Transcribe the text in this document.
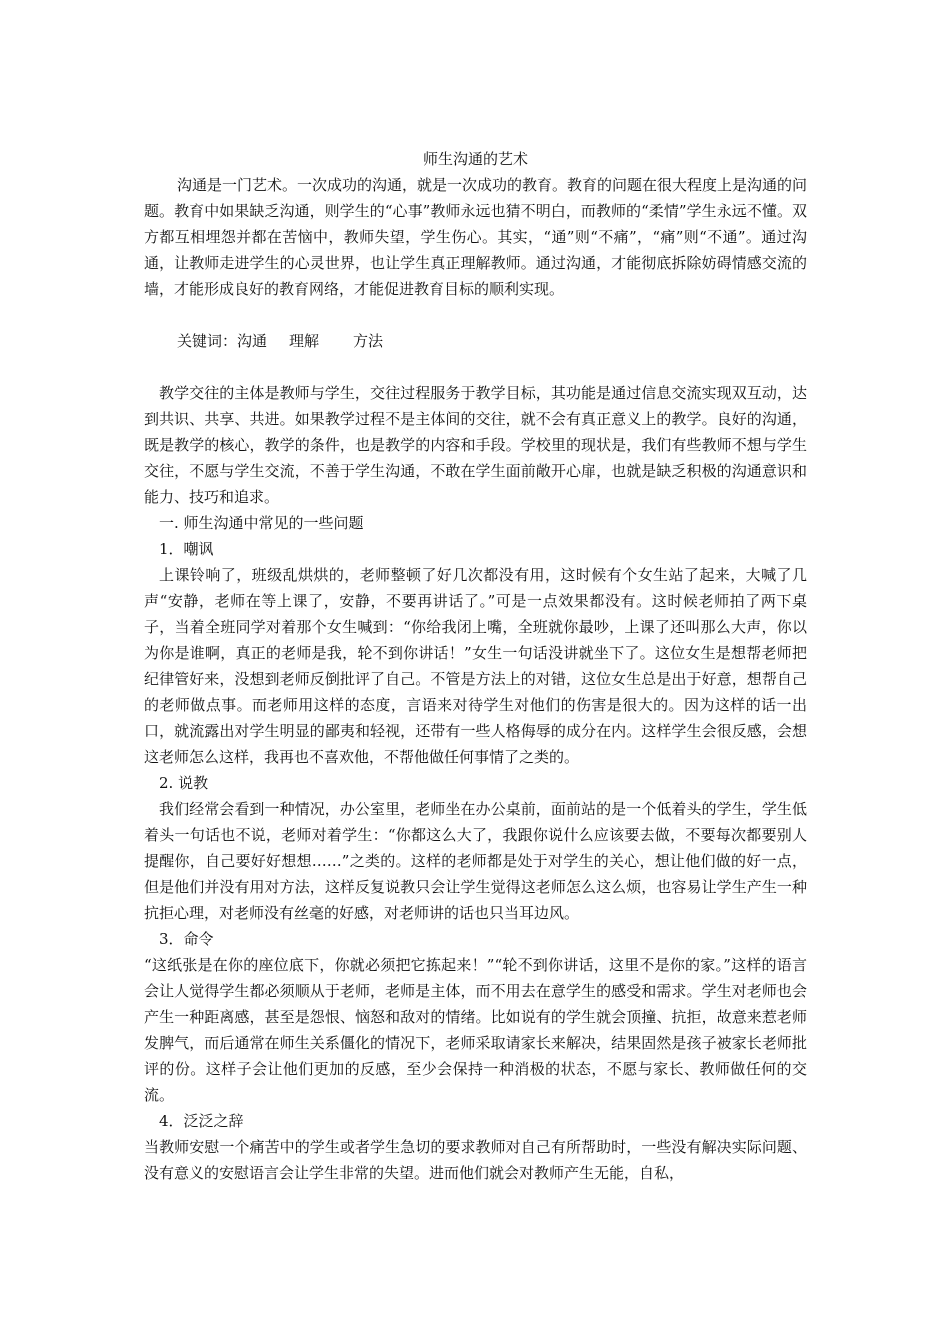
师生沟通的艺术

沟通是一门艺术。一次成功的沟通，就是一次成功的教育。教育的问题在很大程度上是沟通的问题。教育中如果缺乏沟通，则学生的“心事”教师永远也猜不明白，而教师的“柔情”学生永远不懂。双方都互相埋怨并都在苦恼中，教师失望，学生伤心。其实，“通”则“不痛”，“痛”则“不通”。通过沟通，让教师走进学生的心灵世界，也让学生真正理解教师。通过沟通，才能彻底拆除妨碍情感交流的墙，才能形成良好的教育网络，才能促进教育目标的顺利实现。

关键词：沟通 理解 方法

教学交往的主体是教师与学生，交往过程服务于教学目标，其功能是通过信息交流实现双互动，达到共识、共享、共进。如果教学过程不是主体间的交往，就不会有真正意义上的教学。良好的沟通，既是教学的核心，教学的条件，也是教学的内容和手段。学校里的现状是，我们有些教师不想与学生交往，不愿与学生交流，不善于学生沟通，不敢在学生面前敞开心扉，也就是缺乏积极的沟通意识和能力、技巧和追求。

一. 师生沟通中常见的一些问题

1．嘲讽

上课铃响了，班级乱烘烘的，老师整顿了好几次都没有用，这时候有个女生站了起来，大喊了几声“安静，老师在等上课了，安静，不要再讲话了。”可是一点效果都没有。这时候老师拍了两下桌子，当着全班同学对着那个女生喊到：“你给我闭上嘴，全班就你最吵，上课了还叫那么大声，你以为你是谁啊，真正的老师是我，轮不到你讲话！”女生一句话没讲就坐下了。这位女生是想帮老师把纪律管好来，没想到老师反倒批评了自己。不管是方法上的对错，这位女生总是出于好意，想帮自己的老师做点事。而老师用这样的态度，言语来对待学生对他们的伤害是很大的。因为这样的话一出口，就流露出对学生明显的鄙夷和轻视，还带有一些人格侮辱的成分在内。这样学生会很反感，会想这老师怎么这样，我再也不喜欢他，不帮他做任何事情了之类的。

2. 说教

我们经常会看到一种情况，办公室里，老师坐在办公桌前，面前站的是一个低着头的学生，学生低着头一句话也不说，老师对着学生：“你都这么大了，我跟你说什么应该要去做，不要每次都要别人提醒你，自己要好好想想……”之类的。这样的老师都是处于对学生的关心，想让他们做的好一点，但是他们并没有用对方法，这样反复说教只会让学生觉得这老师怎么这么烦，也容易让学生产生一种抗拒心理，对老师没有丝毫的好感，对老师讲的话也只当耳边风。

3．命令

“这纸张是在你的座位底下，你就必须把它拣起来！”“轮不到你讲话，这里不是你的家。”这样的语言会让人觉得学生都必须顺从于老师，老师是主体，而不用去在意学生的感受和需求。学生对老师也会产生一种距离感，甚至是怨恨、恼怒和敌对的情绪。比如说有的学生就会顶撞、抗拒，故意来惹老师发脾气，而后通常在师生关系僵化的情况下，老师采取请家长来解决，结果固然是孩子被家长老师批评的份。这样子会让他们更加的反感，至少会保持一种消极的状态，不愿与家长、教师做任何的交流。

4．泛泛之辞

当教师安慰一个痛苦中的学生或者学生急切的要求教师对自己有所帮助时，一些没有解决实际问题、没有意义的安慰语言会让学生非常的失望。进而他们就会对教师产生无能，自私，
